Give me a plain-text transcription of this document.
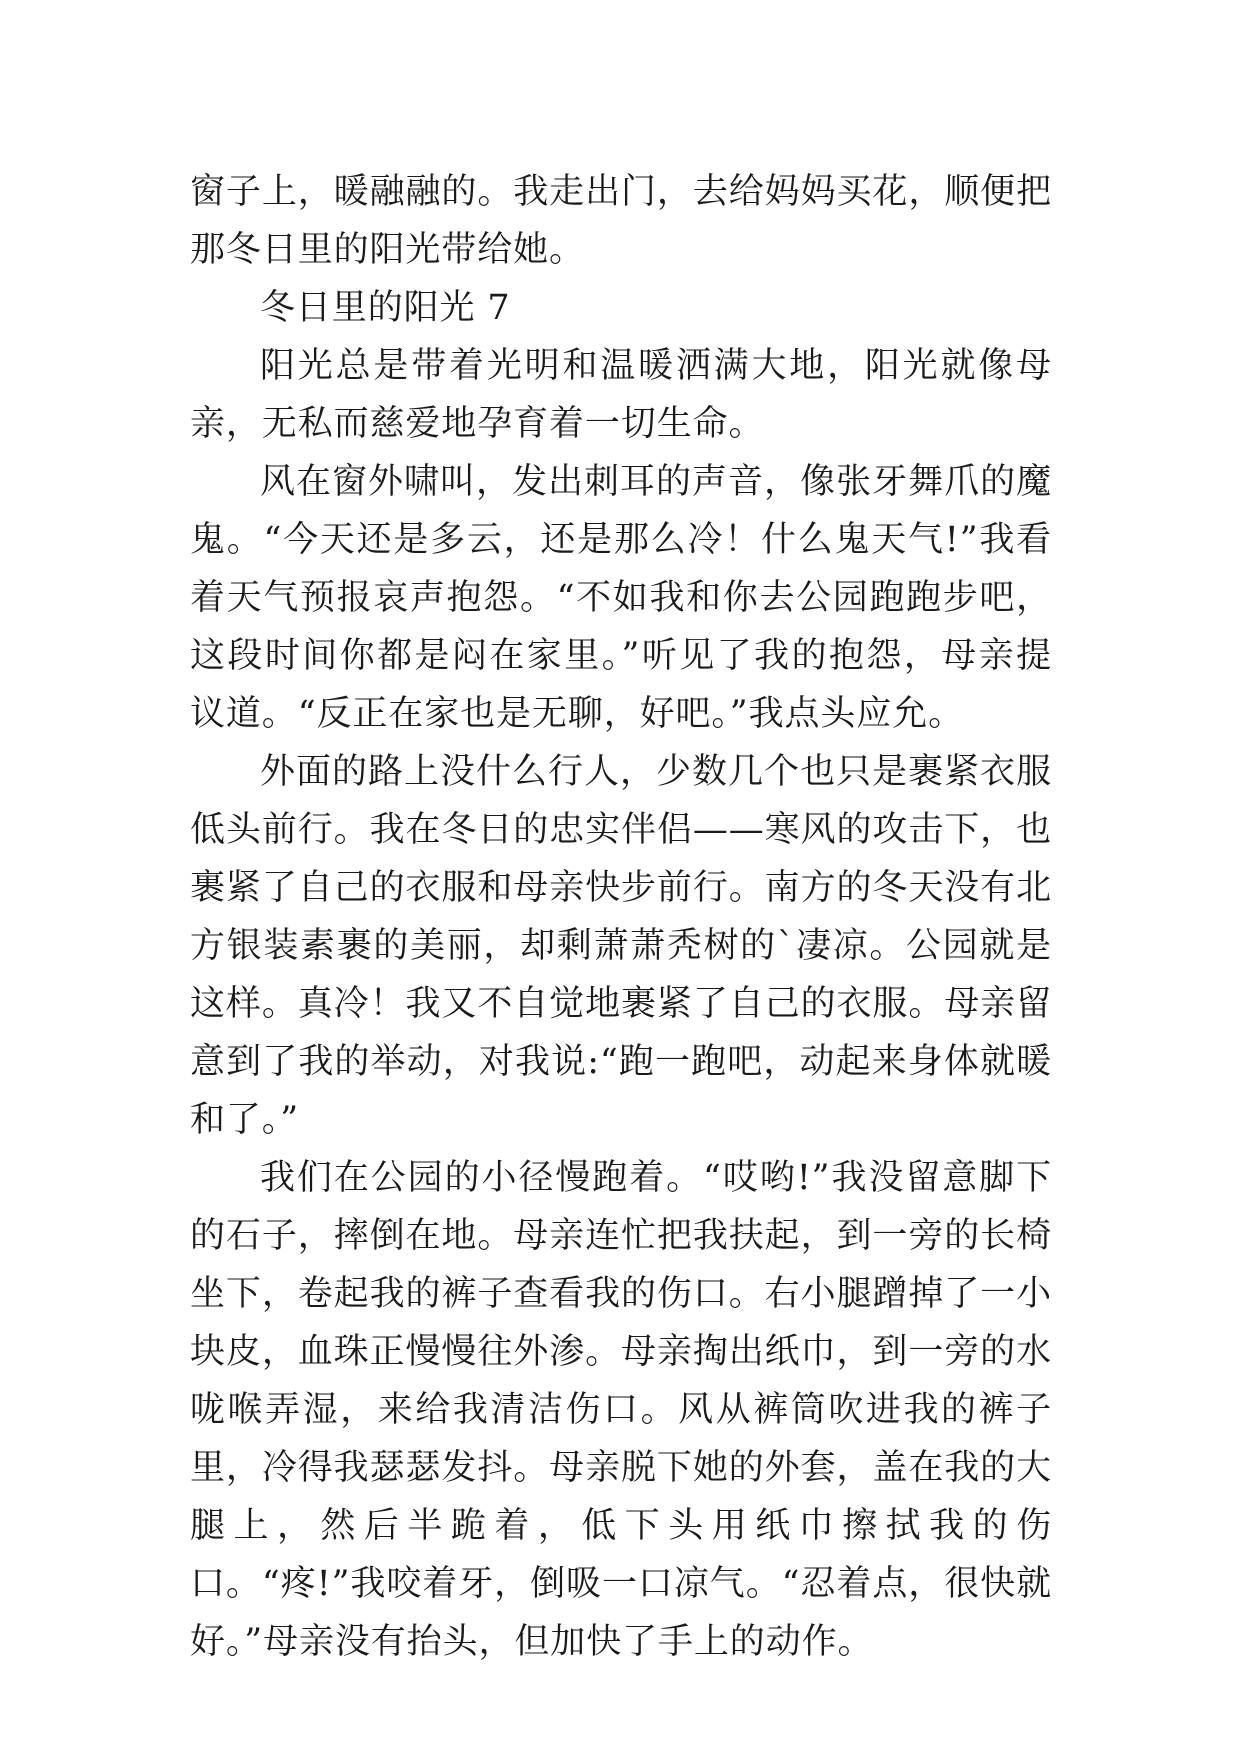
窗子上，暖融融的。我走出门，去给妈妈买花，顺便把那冬日里的阳光带给她。

冬日里的阳光 7

阳光总是带着光明和温暖洒满大地，阳光就像母亲，无私而慈爱地孕育着一切生命。

风在窗外啸叫，发出刺耳的声音，像张牙舞爪的魔鬼。“今天还是多云，还是那么冷！什么鬼天气!”我看着天气预报哀声抱怨。“不如我和你去公园跑跑步吧，这段时间你都是闷在家里。”听见了我的抱怨，母亲提议道。“反正在家也是无聊，好吧。”我点头应允。

外面的路上没什么行人，少数几个也只是裹紧衣服低头前行。我在冬日的忠实伴侣——寒风的攻击下，也裹紧了自己的衣服和母亲快步前行。南方的冬天没有北方银装素裹的美丽，却剩萧萧秃树的`凄凉。公园就是这样。真冷！我又不自觉地裹紧了自己的衣服。母亲留意到了我的举动，对我说:“跑一跑吧，动起来身体就暖和了。”

我们在公园的小径慢跑着。“哎哟!”我没留意脚下的石子，摔倒在地。母亲连忙把我扶起，到一旁的长椅坐下，卷起我的裤子查看我的伤口。右小腿蹭掉了一小块皮，血珠正慢慢往外渗。母亲掏出纸巾，到一旁的水咙喉弄湿，来给我清洁伤口。风从裤筒吹进我的裤子里，冷得我瑟瑟发抖。母亲脱下她的外套，盖在我的大腿上，然后半跪着，低下头用纸巾擦拭我的伤口。“疼!”我咬着牙，倒吸一口凉气。“忍着点，很快就好。”母亲没有抬头，但加快了手上的动作。
